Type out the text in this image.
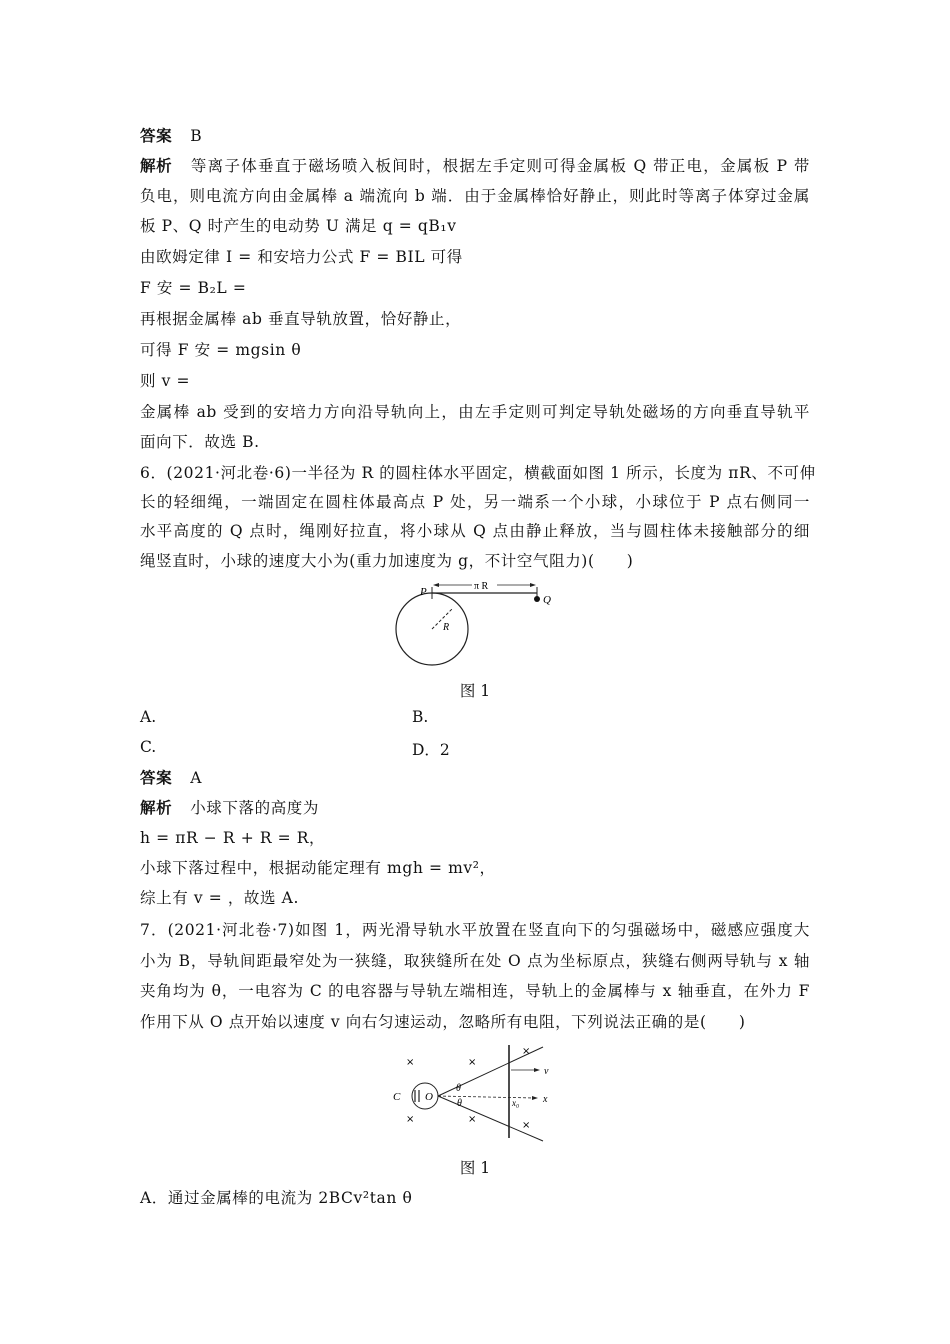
答案 B
解析 等离子体垂直于磁场喷入板间时，根据左手定则可得金属板 Q 带正电，金属板 P 带
负电，则电流方向由金属棒 a 端流向 b 端．由于金属棒恰好静止，则此时等离子体穿过金属
板 P、Q 时产生的电动势 U 满足 q = qB₁v
由欧姆定律 I = 和安培力公式 F = BIL 可得
F 安 = B₂L =
再根据金属棒 ab 垂直导轨放置，恰好静止，
可得 F 安 = mgsin θ
则 v =
金属棒 ab 受到的安培力方向沿导轨向上，由左手定则可判定导轨处磁场的方向垂直导轨平
面向下．故选 B.
6．(2021·河北卷·6)一半径为 R 的圆柱体水平固定，横截面如图 1 所示，长度为 πR、不可伸
长的轻细绳，一端固定在圆柱体最高点 P 处，另一端系一个小球，小球位于 P 点右侧同一
水平高度的 Q 点时，绳刚好拉直，将小球从 Q 点由静止释放，当与圆柱体未接触部分的细
绳竖直时，小球的速度大小为(重力加速度为 g，不计空气阻力)(　　)
P	π R
Q
R
图 1
A.	B.
C.	D．2
答案 A
解析 小球下落的高度为
h = πR − R + R = R，
小球下落过程中，根据动能定理有 mgh = mv²，
综上有 v = ，故选 A.
7．(2021·河北卷·7)如图 1，两光滑导轨水平放置在竖直向下的匀强磁场中，磁感应强度大
小为 B，导轨间距最窄处为一狭缝，取狭缝所在处 O 点为坐标原点，狭缝右侧两导轨与 x 轴
夹角均为 θ，一电容为 C 的电容器与导轨左端相连，导轨上的金属棒与 x 轴垂直，在外力 F
作用下从 O 点开始以速度 v 向右匀速运动，忽略所有电阻，下列说法正确的是(　　)
C O
θ
θ
v
x₀ x
×	×
×	×
×
×
图 1
A．通过金属棒的电流为 2BCv²tan θ
